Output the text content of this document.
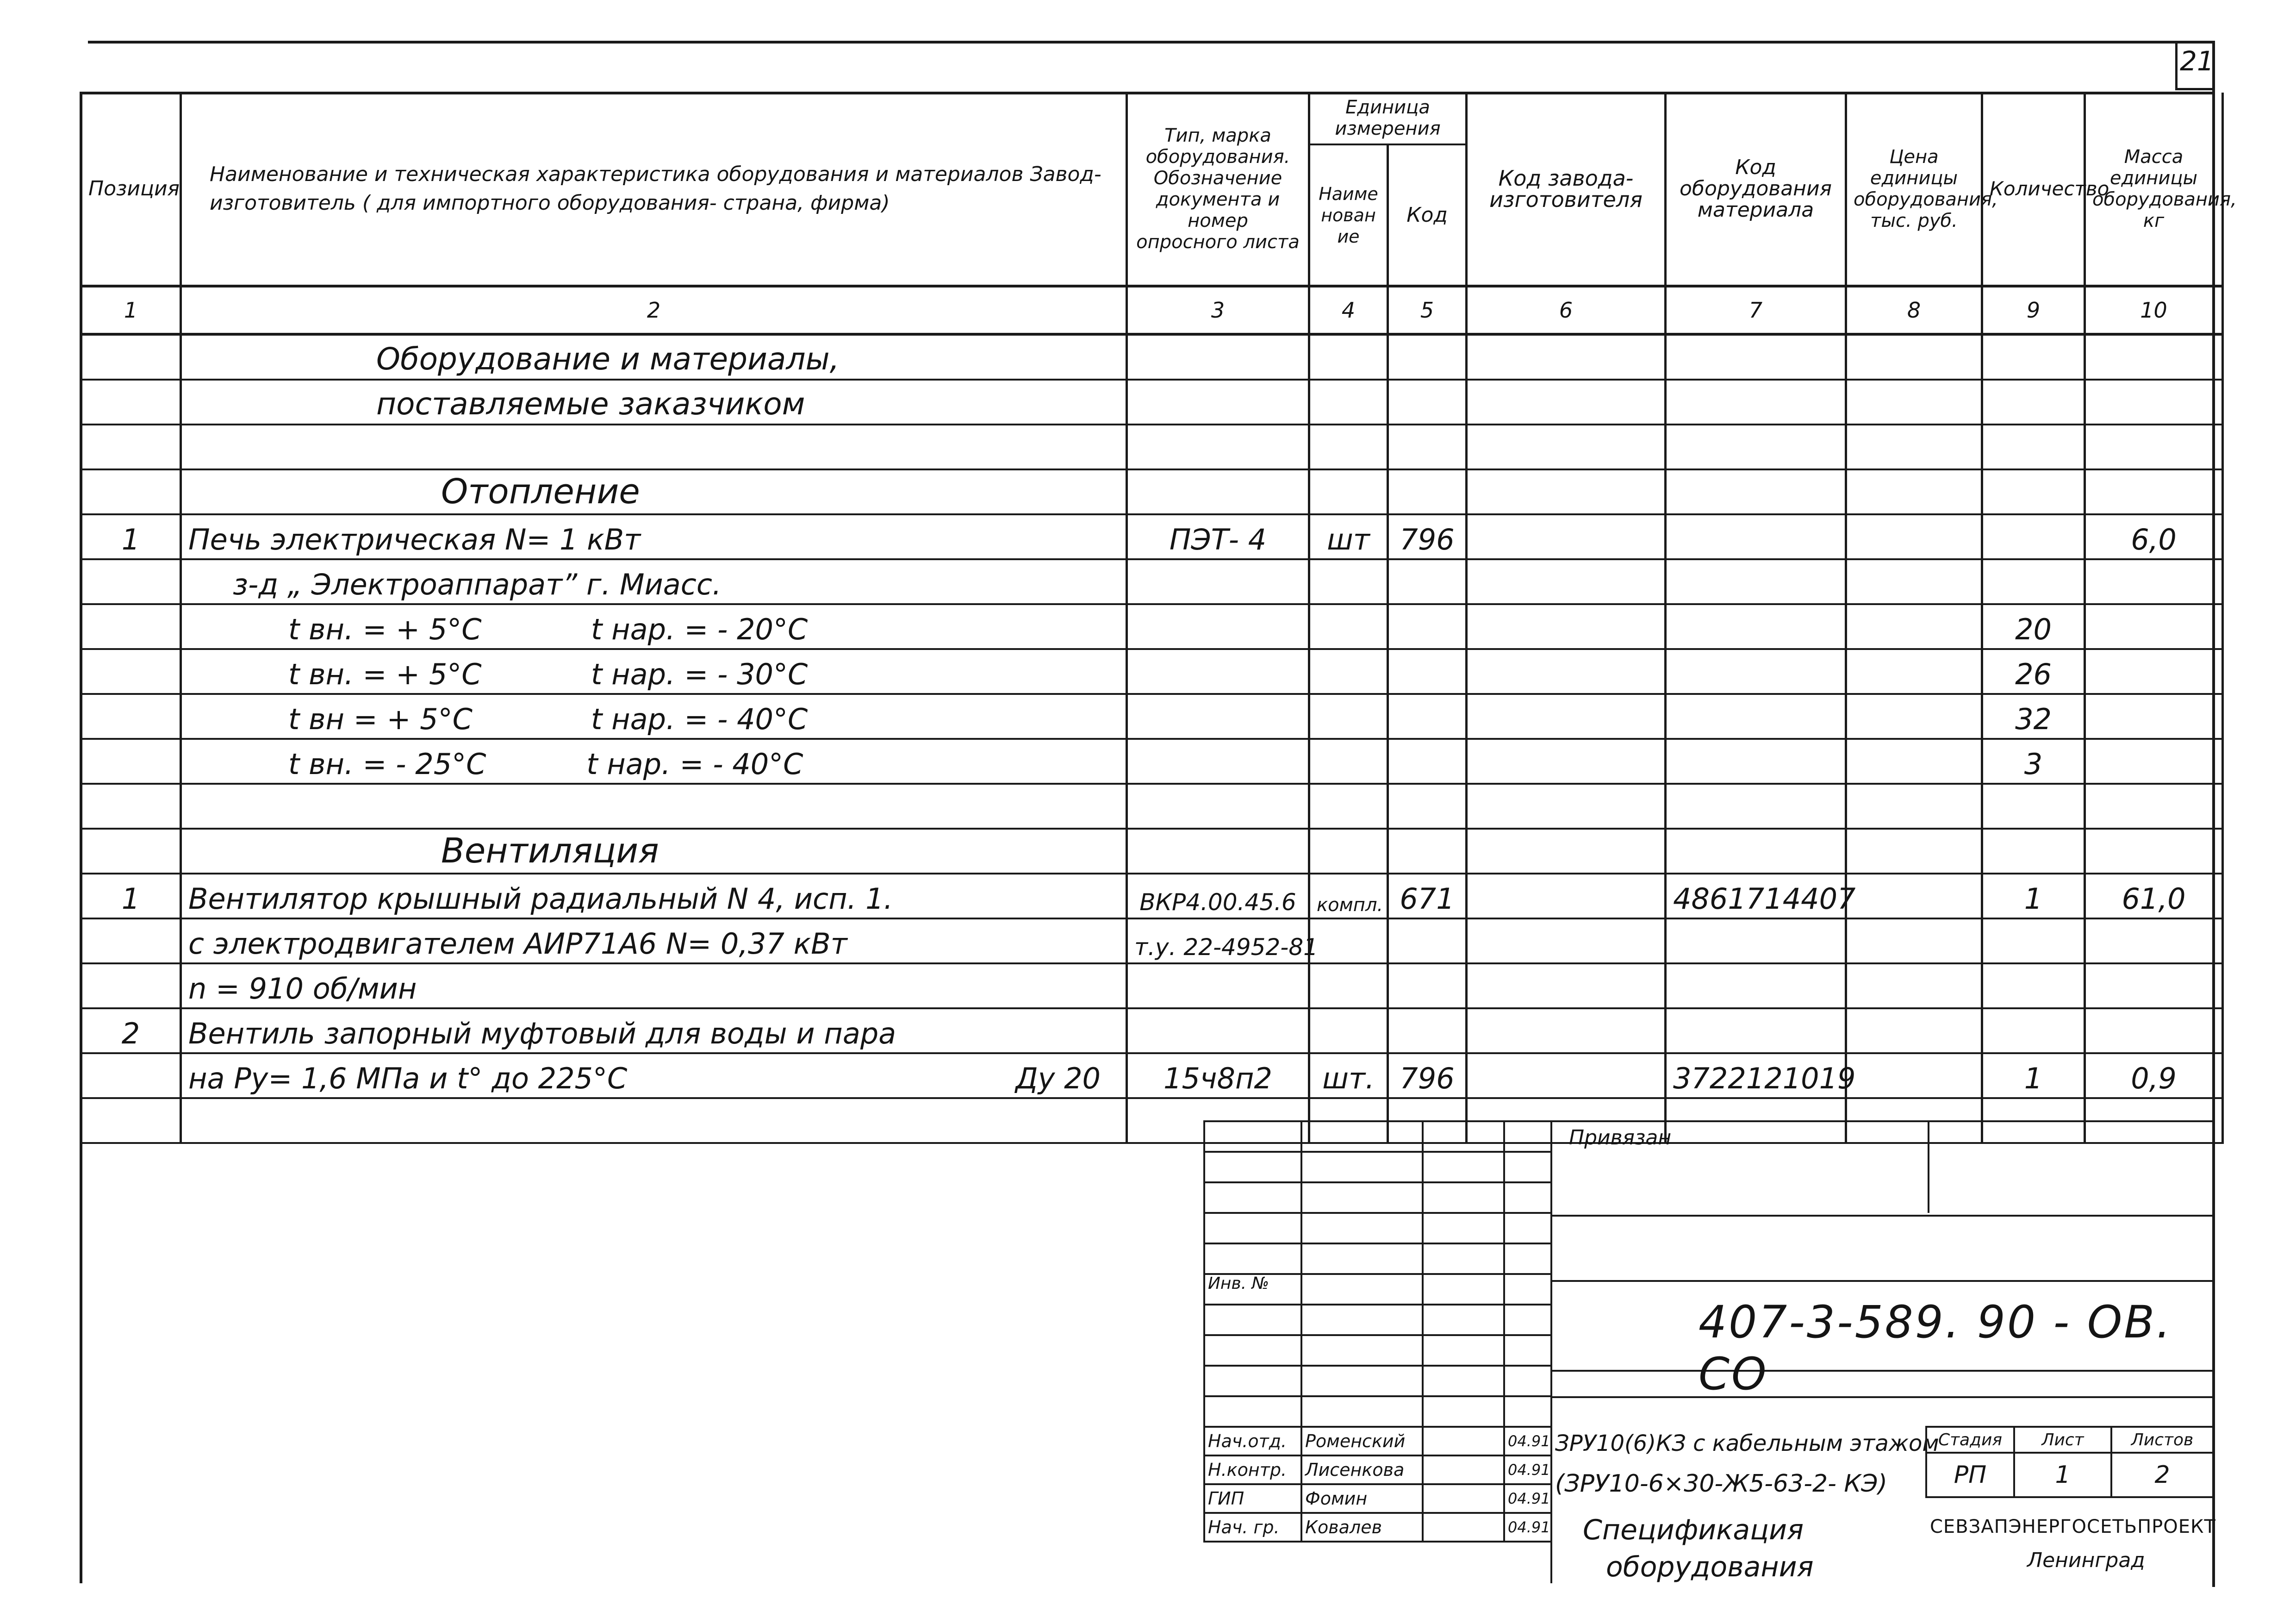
21
Позиция	Наименование и техническая характеристика оборудования и материалов Завод- изготовитель ( для импортного оборудования- страна, фирма)	Тип, марка оборудования. Обозначение документа и номер опросного листа	Единица измерения		Код завода- изготовителя	Код оборудования материала	Цена единицы оборудования, тыс. руб.	Количество	Масса единицы оборудования, кг
			Наименование	Код					
1	2	3	4	5	6	7	8	9	10
	Оборудование и материалы,								
	поставляемые заказчиком								

	Отопление								
1	Печь электрическая N= 1 кВт	ПЭТ- 4	шт	796					6,0
	з-д „ Электроаппарат” г. Миасс.								
	t вн. = + 5°C            t нар. = - 20°C							20	
	t вн. = + 5°C            t нар. = - 30°C							26	
	t вн = + 5°C             t нар. = - 40°C							32	
	t вн. = - 25°C           t нар. = - 40°C							3	

	Вентиляция								
1	Вентилятор крышный радиальный N 4, исп. 1.	ВКР4.00.45.6	компл.	671		4861714407		1	61,0
	с электродвигателем АИР71А6 N= 0,37 кВт	т.у. 22-4952-81							
	n = 910 об/мин								
2	Вентиль запорный муфтовый для воды и пара								
	на Ру= 1,6 МПа и t° до 225°C Ду 20	15ч8п2	шт.	796		3722121019		1	0,9

Инв. №
Привязан
407-3-589. 90 - ОВ. СО
Нач.отд.	Роменский		04.91
Н.контр.	Лисенкова		04.91
ГИП	Фомин		04.91
Нач. гр.	Ковалев		04.91
ЗРУ10(6)КЗ с кабельным этажом
(ЗРУ10-6×30-Ж5-63-2- КЭ)
Спецификация
оборудования
Стадия	Лист	Листов
РП	1	2
СЕВЗАПЭНЕРГОСЕТЬПРОЕКТ
Ленинград
